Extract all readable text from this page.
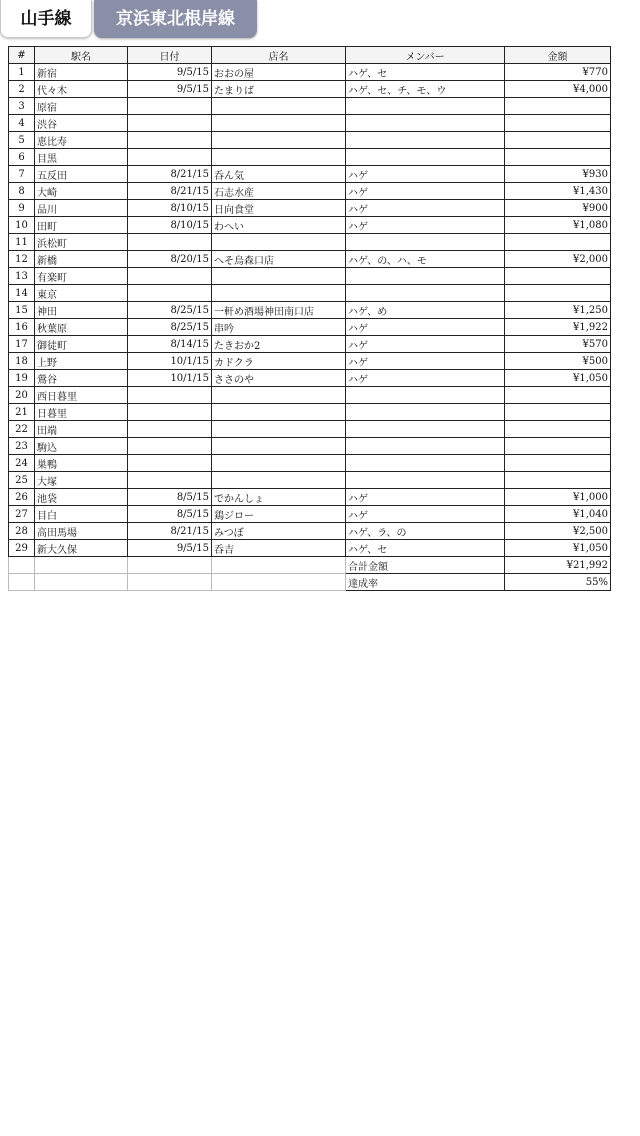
山手線	京浜東北根岸線
#	駅名	日付	店名	メンバー	金額
1	新宿	9/5/15	おおの屋	ハゲ、セ	¥770
2	代々木	9/5/15	たまりば	ハゲ、セ、チ、モ、ウ	¥4,000
3	原宿				
4	渋谷				
5	恵比寿				
6	目黒				
7	五反田	8/21/15	呑ん気	ハゲ	¥930
8	大崎	8/21/15	石志水産	ハゲ	¥1,430
9	品川	8/10/15	日向食堂	ハゲ	¥900
10	田町	8/10/15	わへい	ハゲ	¥1,080
11	浜松町				
12	新橋	8/20/15	へそ烏森口店	ハゲ、の、ハ、モ	¥2,000
13	有楽町				
14	東京				
15	神田	8/25/15	一軒め酒場神田南口店	ハゲ、め	¥1,250
16	秋葉原	8/25/15	串吟	ハゲ	¥1,922
17	御徒町	8/14/15	たきおか2	ハゲ	¥570
18	上野	10/1/15	カドクラ	ハゲ	¥500
19	鶯谷	10/1/15	ささのや	ハゲ	¥1,050
20	西日暮里				
21	日暮里				
22	田端				
23	駒込				
24	巣鴨				
25	大塚				
26	池袋	8/5/15	でかんしょ	ハゲ	¥1,000
27	目白	8/5/15	鶏ジロー	ハゲ	¥1,040
28	高田馬場	8/21/15	みつぼ	ハゲ、ラ、の	¥2,500
29	新大久保	9/5/15	呑吉	ハゲ、セ	¥1,050
				合計金額	¥21,992
				達成率	55%
